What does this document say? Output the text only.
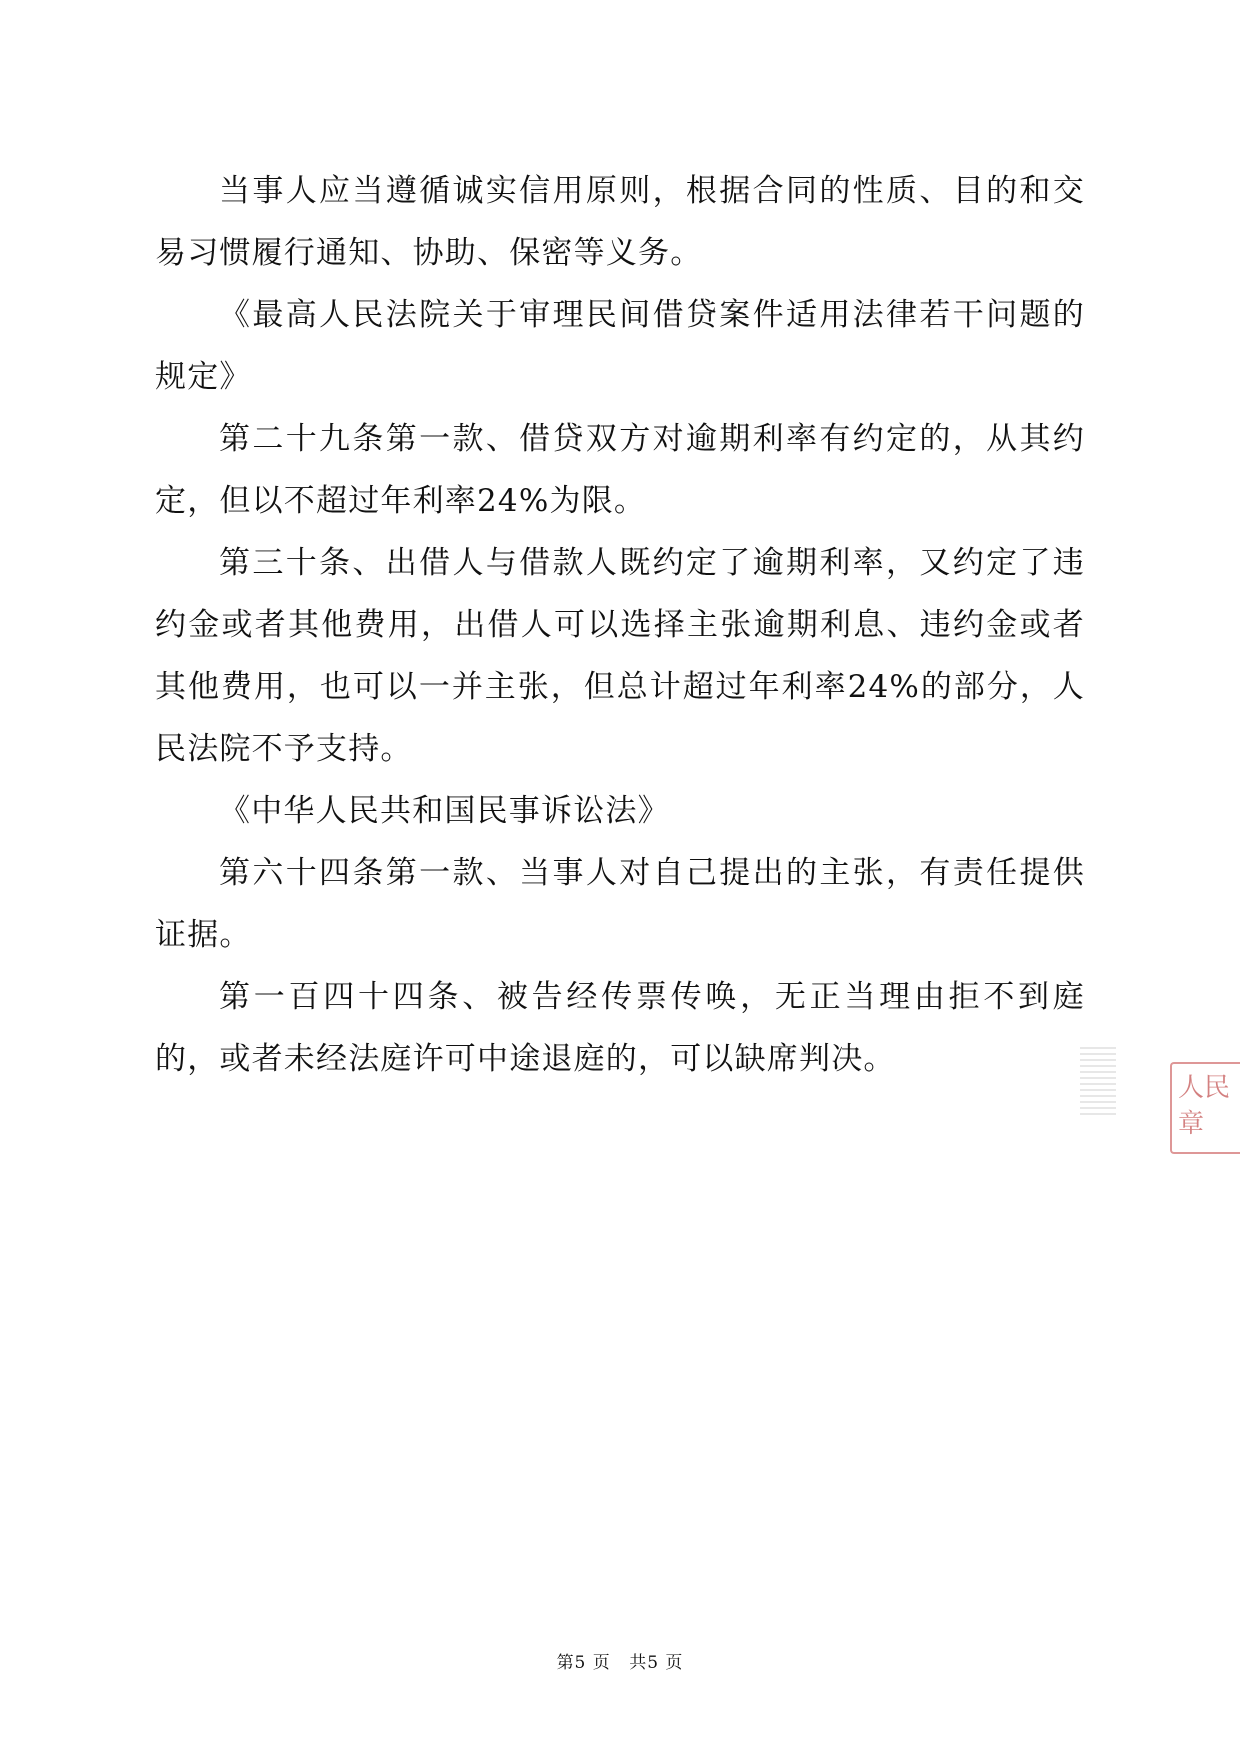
当事人应当遵循诚实信用原则，根据合同的性质、目的和交易习惯履行通知、协助、保密等义务。

《最高人民法院关于审理民间借贷案件适用法律若干问题的规定》

第二十九条第一款、借贷双方对逾期利率有约定的，从其约定，但以不超过年利率24%为限。

第三十条、出借人与借款人既约定了逾期利率，又约定了违约金或者其他费用，出借人可以选择主张逾期利息、违约金或者其他费用，也可以一并主张，但总计超过年利率24%的部分，人民法院不予支持。

《中华人民共和国民事诉讼法》

第六十四条第一款、当事人对自己提出的主张，有责任提供证据。

第一百四十四条、被告经传票传唤，无正当理由拒不到庭的，或者未经法庭许可中途退庭的，可以缺席判决。

人民
章
第5 页 共5 页
